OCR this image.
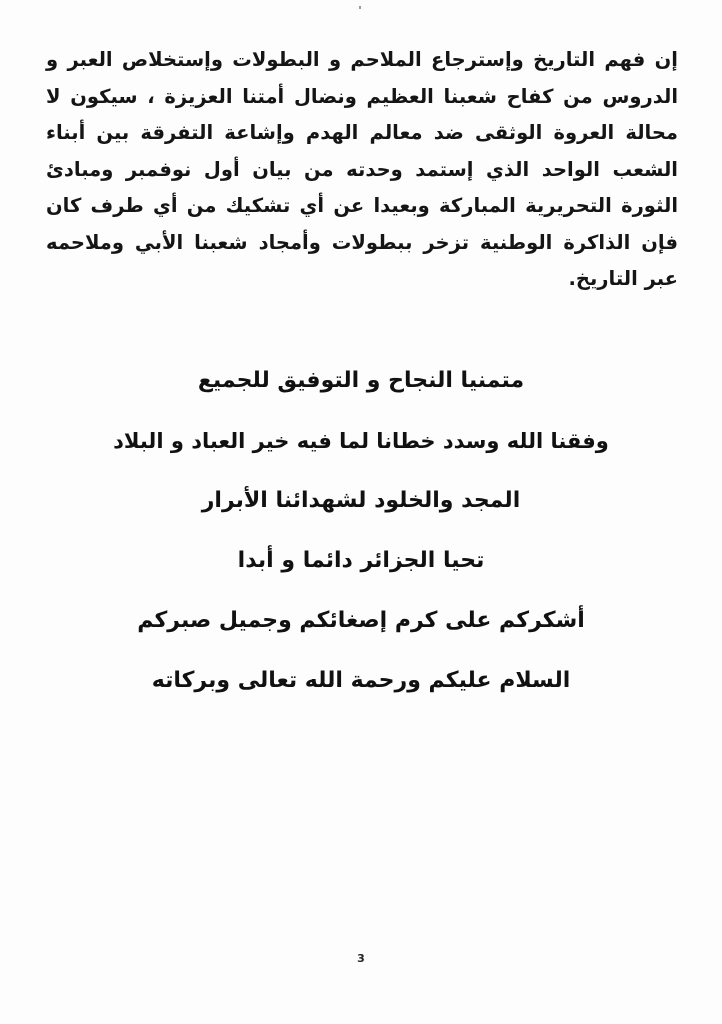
إن فهم التاريخ وإسترجاع الملاحم و البطولات وإستخلاص العبر و الدروس من كفاح شعبنا العظيم ونضال أمتنا العزيزة ، سيكون لا محالة العروة الوثقى ضد معالم الهدم وإشاعة التفرقة بين أبناء الشعب الواحد الذي إستمد وحدته من بيان أول نوفمبر ومبادئ الثورة التحريرية المباركة وبعيدا عن أي تشكيك من أي طرف كان فإن الذاكرة الوطنية تزخر ببطولات وأمجاد شعبنا الأبي وملاحمه عبر التاريخ.

متمنيا النجاح و التوفيق للجميع
وفقنا الله وسدد خطانا لما فيه خير العباد و البلاد
المجد والخلود لشهدائنا الأبرار
تحيا الجزائر دائما و أبدا
أشكركم على كرم إصغائكم وجميل صبركم
السلام عليكم ورحمة الله تعالى وبركاته
3
